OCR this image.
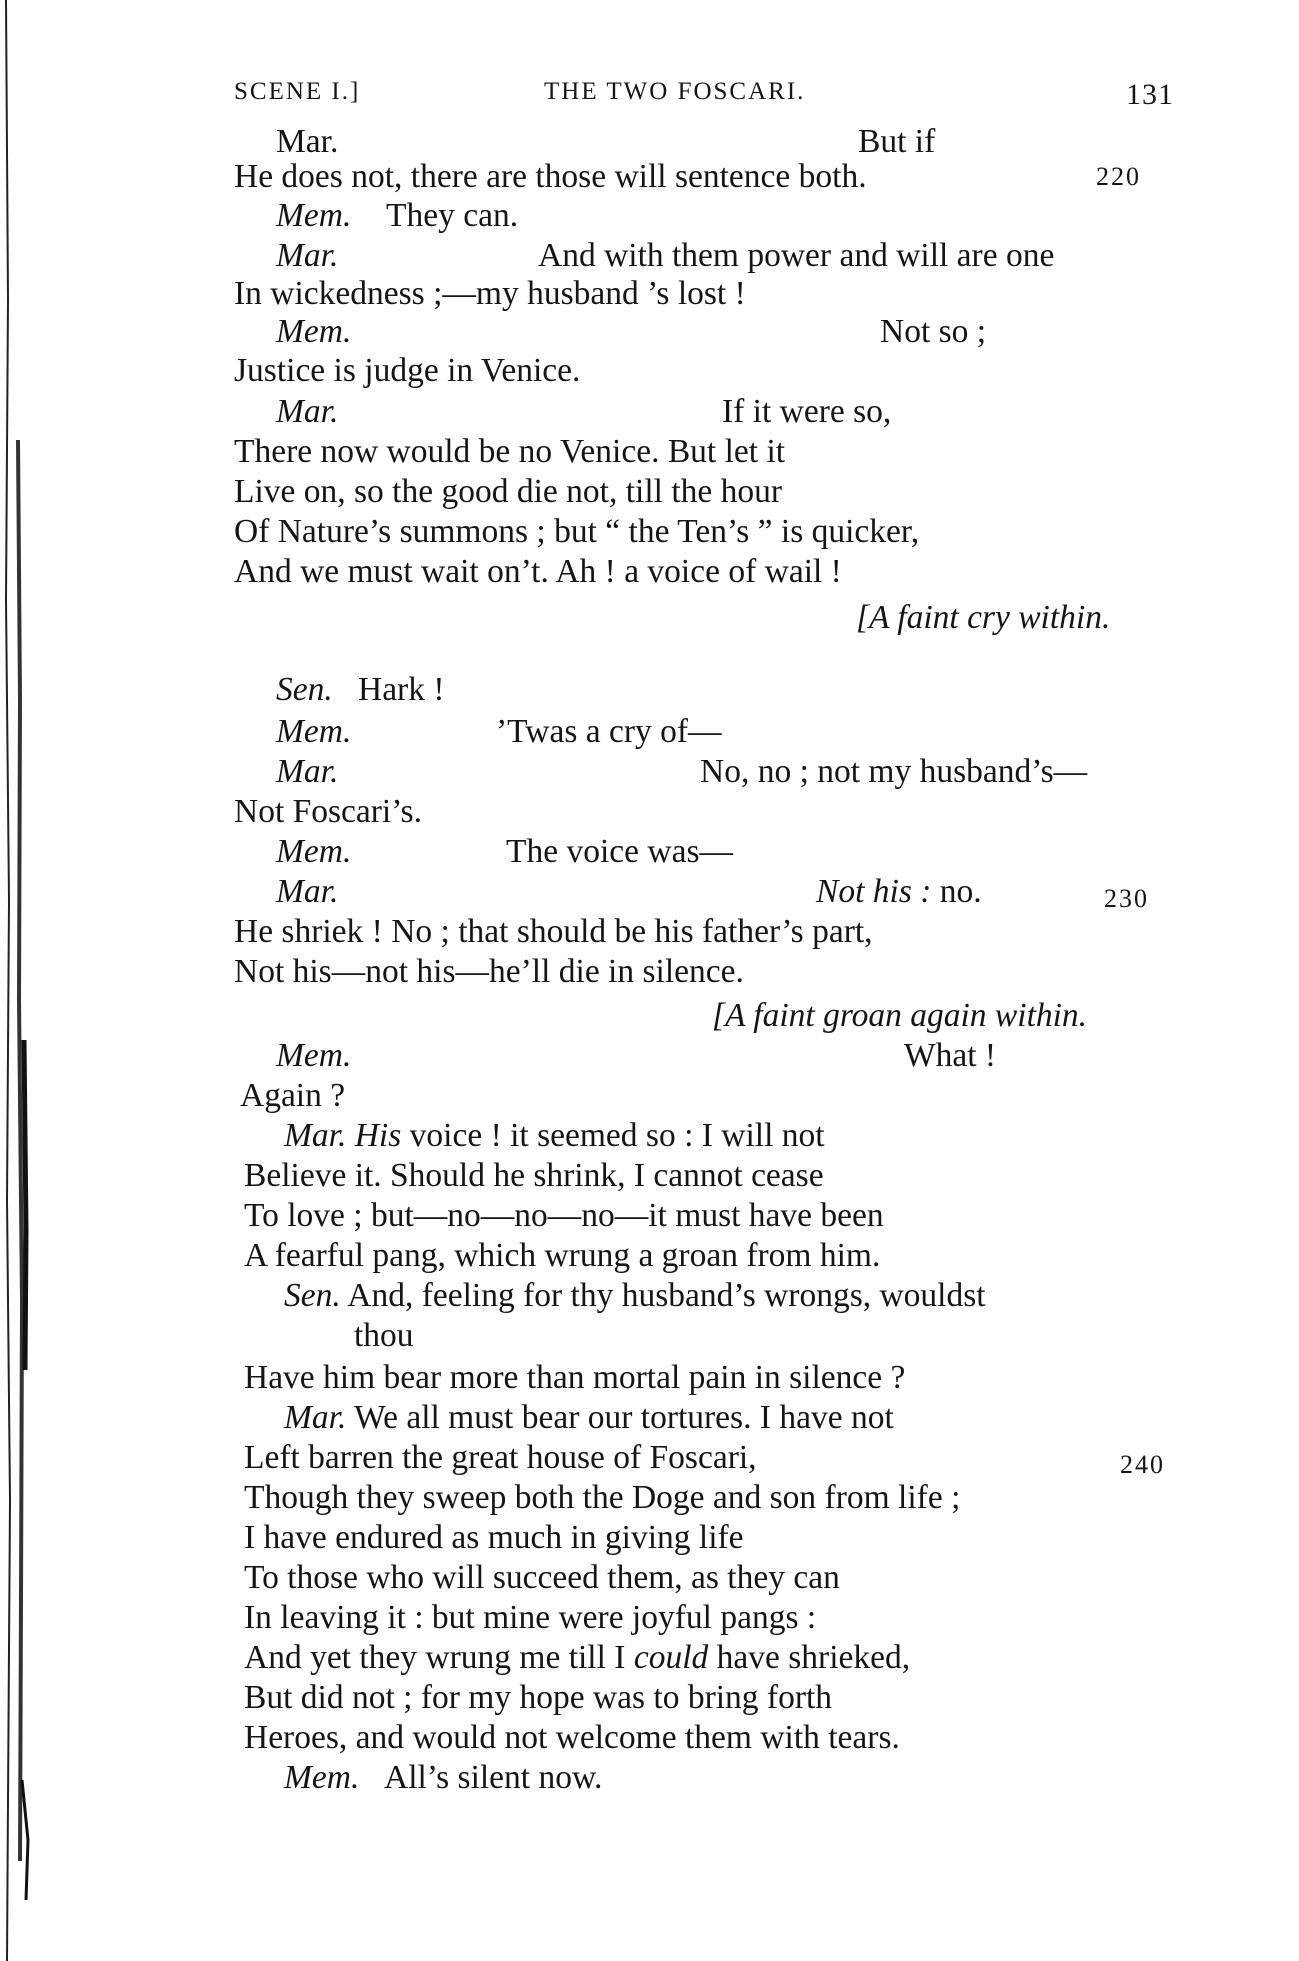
SCENE I.]	THE TWO FOSCARI.	131
Mar.	But if
He does not, there are those will sentence both.
Mem. They can.
Mar.	And with them power and will are one
In wickedness ;—my husband ’s lost !
Mem.	Not so ;
Justice is judge in Venice.
Mar.	If it were so,
There now would be no Venice. But let it
Live on, so the good die not, till the hour
Of Nature’s summons ; but “ the Ten’s ” is quicker,
And we must wait on’t. Ah ! a voice of wail !
[A faint cry within.
Sen. Hark !
Mem.	’Twas a cry of—
Mar.	No, no ; not my husband’s—
Not Foscari’s.
Mem.	The voice was—
Mar.	Not his : no.
He shriek ! No ; that should be his father’s part,
Not his—not his—he’ll die in silence.
[A faint groan again within.
Mem.	What !
Again ?
Mar. His voice ! it seemed so : I will not
Believe it. Should he shrink, I cannot cease
To love ; but—no—no—no—it must have been
A fearful pang, which wrung a groan from him.
Sen. And, feeling for thy husband’s wrongs, wouldst
thou
Have him bear more than mortal pain in silence ?
Mar. We all must bear our tortures. I have not
Left barren the great house of Foscari,
Though they sweep both the Doge and son from life ;
I have endured as much in giving life
To those who will succeed them, as they can
In leaving it : but mine were joyful pangs :
And yet they wrung me till I could have shrieked,
But did not ; for my hope was to bring forth
Heroes, and would not welcome them with tears.
Mem. All’s silent now.
220
230
240
